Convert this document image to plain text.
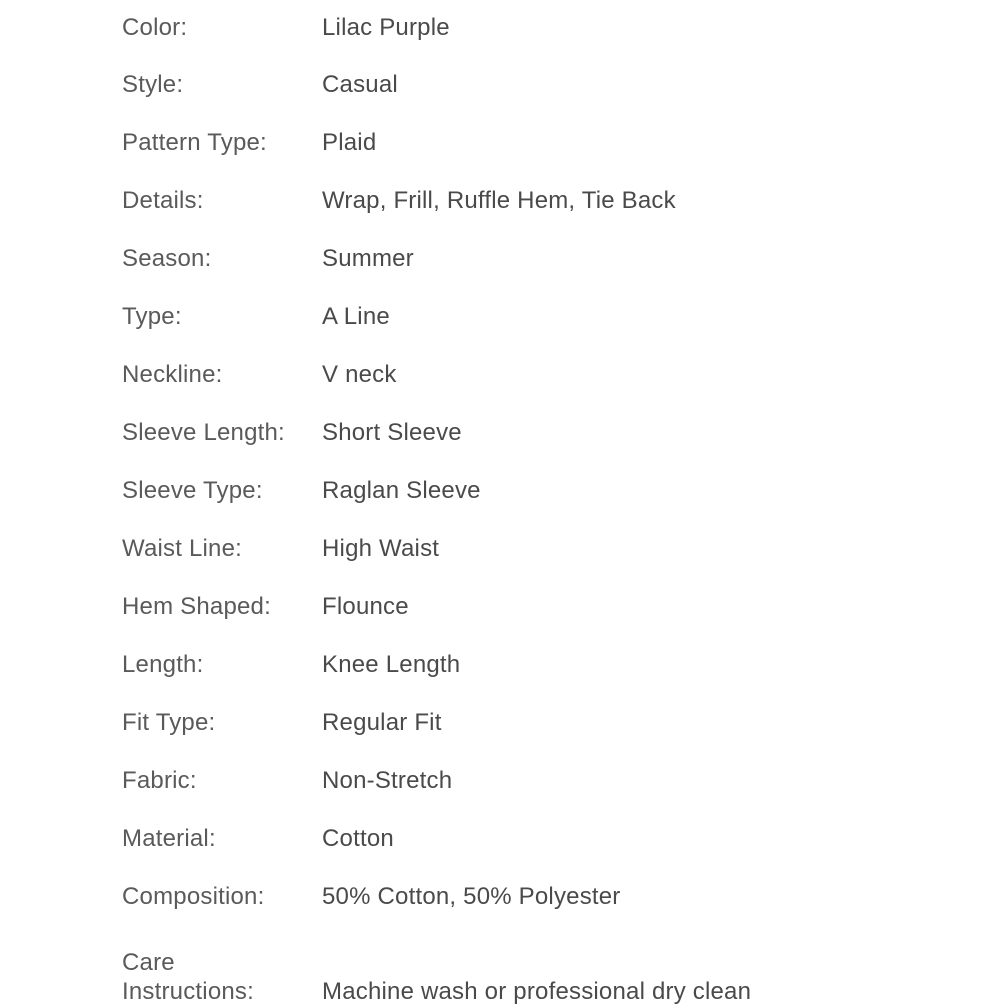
Color:	Lilac Purple
Style:	Casual
Pattern Type:	Plaid
Details:	Wrap, Frill, Ruffle Hem, Tie Back
Season:	Summer
Type:	A Line
Neckline:	V neck
Sleeve Length:	Short Sleeve
Sleeve Type:	Raglan Sleeve
Waist Line:	High Waist
Hem Shaped:	Flounce
Length:	Knee Length
Fit Type:	Regular Fit
Fabric:	Non-Stretch
Material:	Cotton
Composition:	50% Cotton, 50% Polyester
Care Instructions:	Machine wash or professional dry clean
